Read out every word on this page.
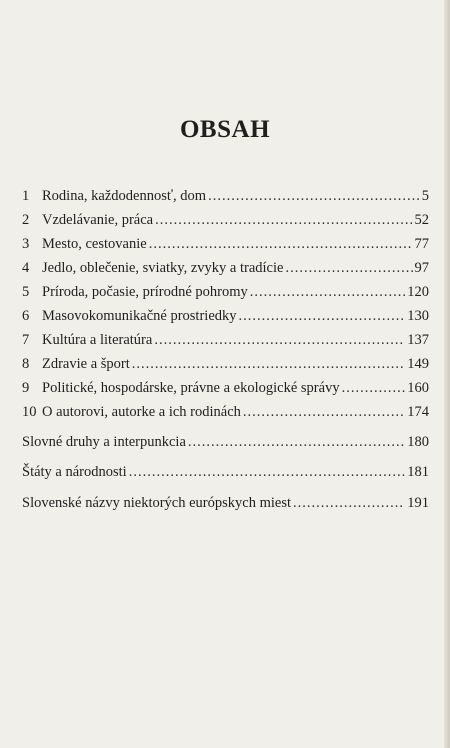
OBSAH
1 Rodina, každodennosť, dom .....	5
2 Vzdelávanie, práca .....	52
3 Mesto, cestovanie .....	77
4 Jedlo, oblečenie, sviatky, zvyky a tradície .....	97
5 Príroda, počasie, prírodné pohromy .....	120
6 Masovokomunikačné prostriedky .....	130
7 Kultúra a literatúra .....	137
8 Zdravie a šport .....	149
9 Politické, hospodárske, právne a ekologické správy .....	160
10 O autorovi, autorke a ich rodinách .....	174
Slovné druhy a interpunkcia .....	180
Štáty a národnosti .....	181
Slovenské názvy niektorých európskych miest .....	191
